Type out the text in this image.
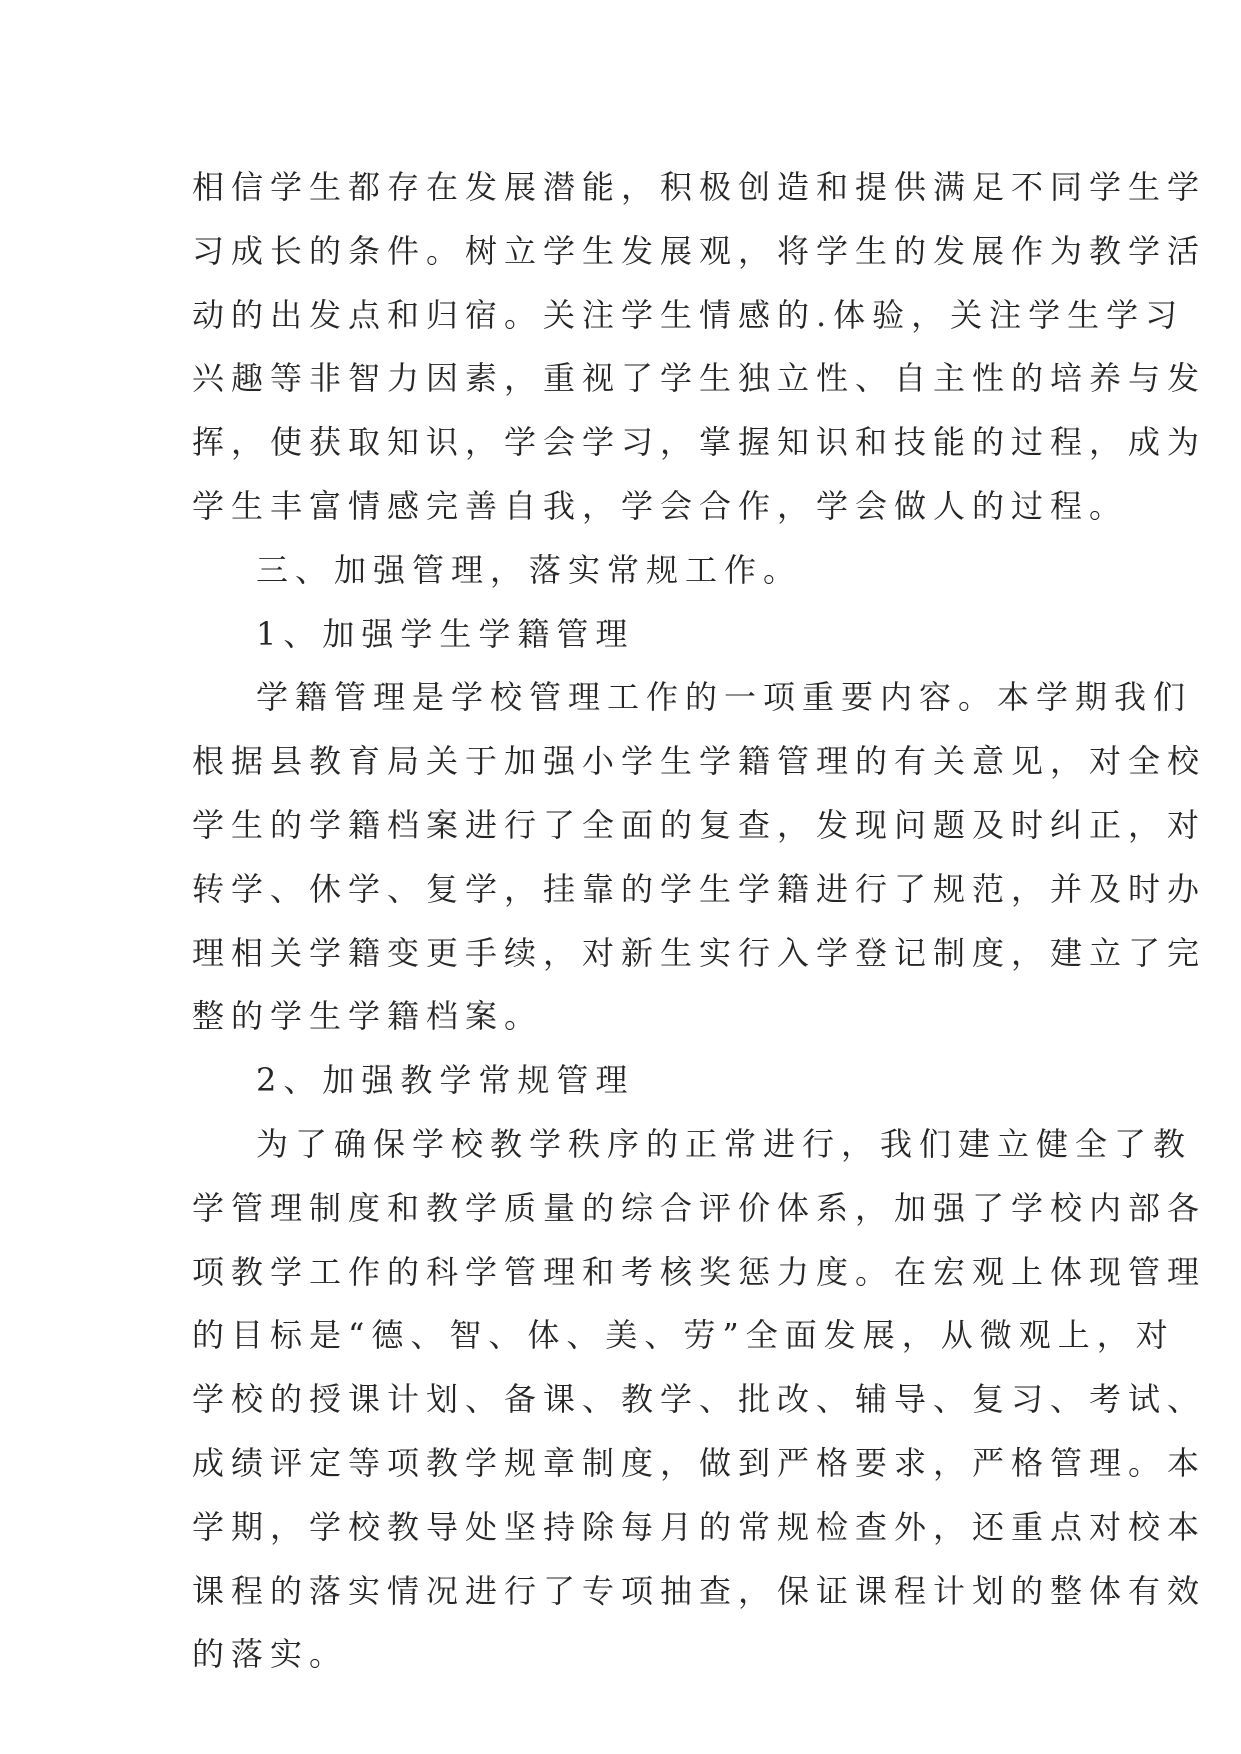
相信学生都存在发展潜能，积极创造和提供满足不同学生学
习成长的条件。树立学生发展观，将学生的发展作为教学活
动的出发点和归宿。关注学生情感的.体验，关注学生学习
兴趣等非智力因素，重视了学生独立性、自主性的培养与发
挥，使获取知识，学会学习，掌握知识和技能的过程，成为
学生丰富情感完善自我，学会合作，学会做人的过程。
三、加强管理，落实常规工作。
1、加强学生学籍管理
学籍管理是学校管理工作的一项重要内容。本学期我们
根据县教育局关于加强小学生学籍管理的有关意见，对全校
学生的学籍档案进行了全面的复查，发现问题及时纠正，对
转学、休学、复学，挂靠的学生学籍进行了规范，并及时办
理相关学籍变更手续，对新生实行入学登记制度，建立了完
整的学生学籍档案。
2、加强教学常规管理
为了确保学校教学秩序的正常进行，我们建立健全了教
学管理制度和教学质量的综合评价体系，加强了学校内部各
项教学工作的科学管理和考核奖惩力度。在宏观上体现管理
的目标是“德、智、体、美、劳”全面发展，从微观上，对
学校的授课计划、备课、教学、批改、辅导、复习、考试、
成绩评定等项教学规章制度，做到严格要求，严格管理。本
学期，学校教导处坚持除每月的常规检查外，还重点对校本
课程的落实情况进行了专项抽查，保证课程计划的整体有效
的落实。
